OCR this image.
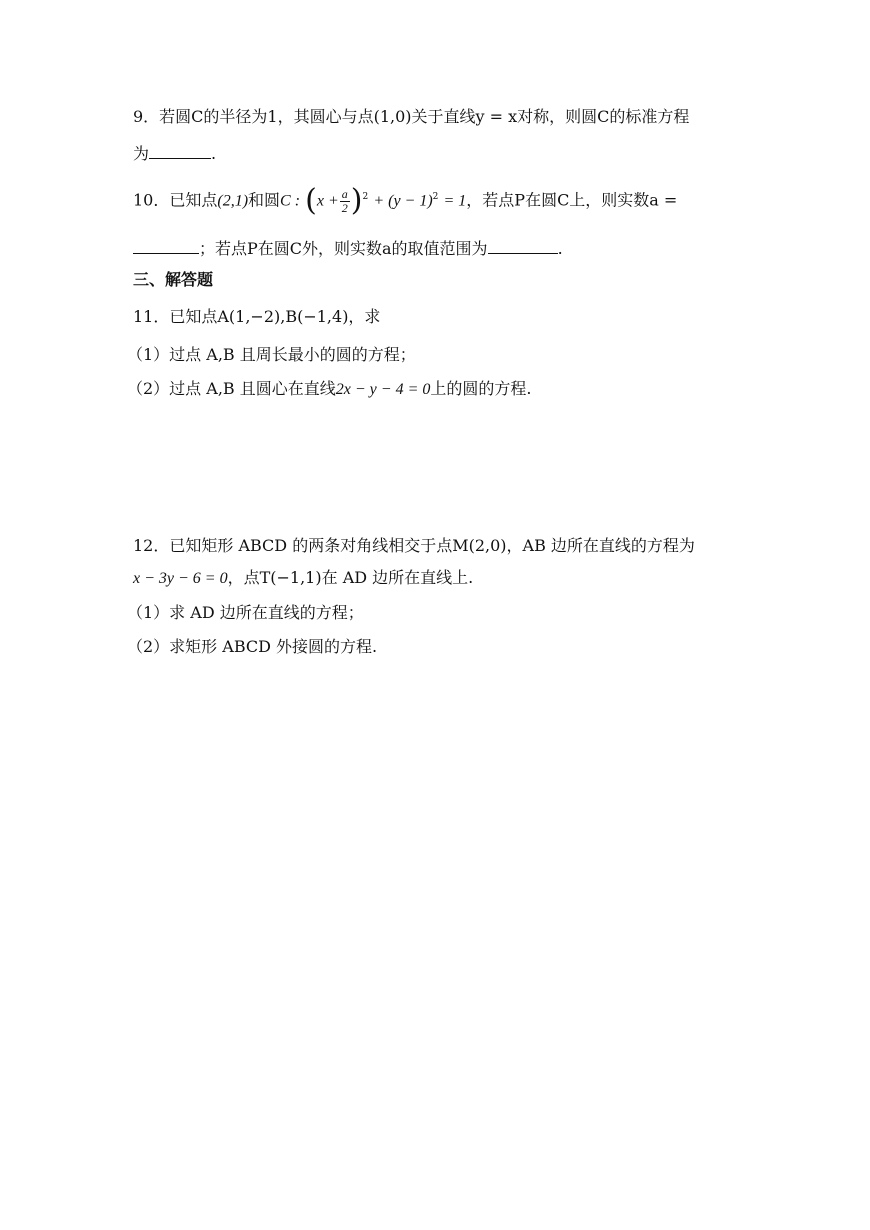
9．若圆C的半径为1，其圆心与点(1,0)关于直线y = x对称，则圆C的标准方程
为	.
10．已知点(2,1)和圆C : $(x + \frac{a}{2} )^2 + (y - 1)^2 = 1$，若点P在圆C上，则实数a =
；若点P在圆C外，则实数a的取值范围为	.
三、解答题
11．已知点A(1,−2),B(−1,4)，求
（1）过点 A,B 且周长最小的圆的方程；
（2）过点 A,B 且圆心在直线2x − y − 4 = 0上的圆的方程.
12．已知矩形 ABCD 的两条对角线相交于点M(2,0)，AB 边所在直线的方程为
x − 3y − 6 = 0，点T(−1,1)在 AD 边所在直线上.
（1）求 AD 边所在直线的方程；
（2）求矩形 ABCD 外接圆的方程.
